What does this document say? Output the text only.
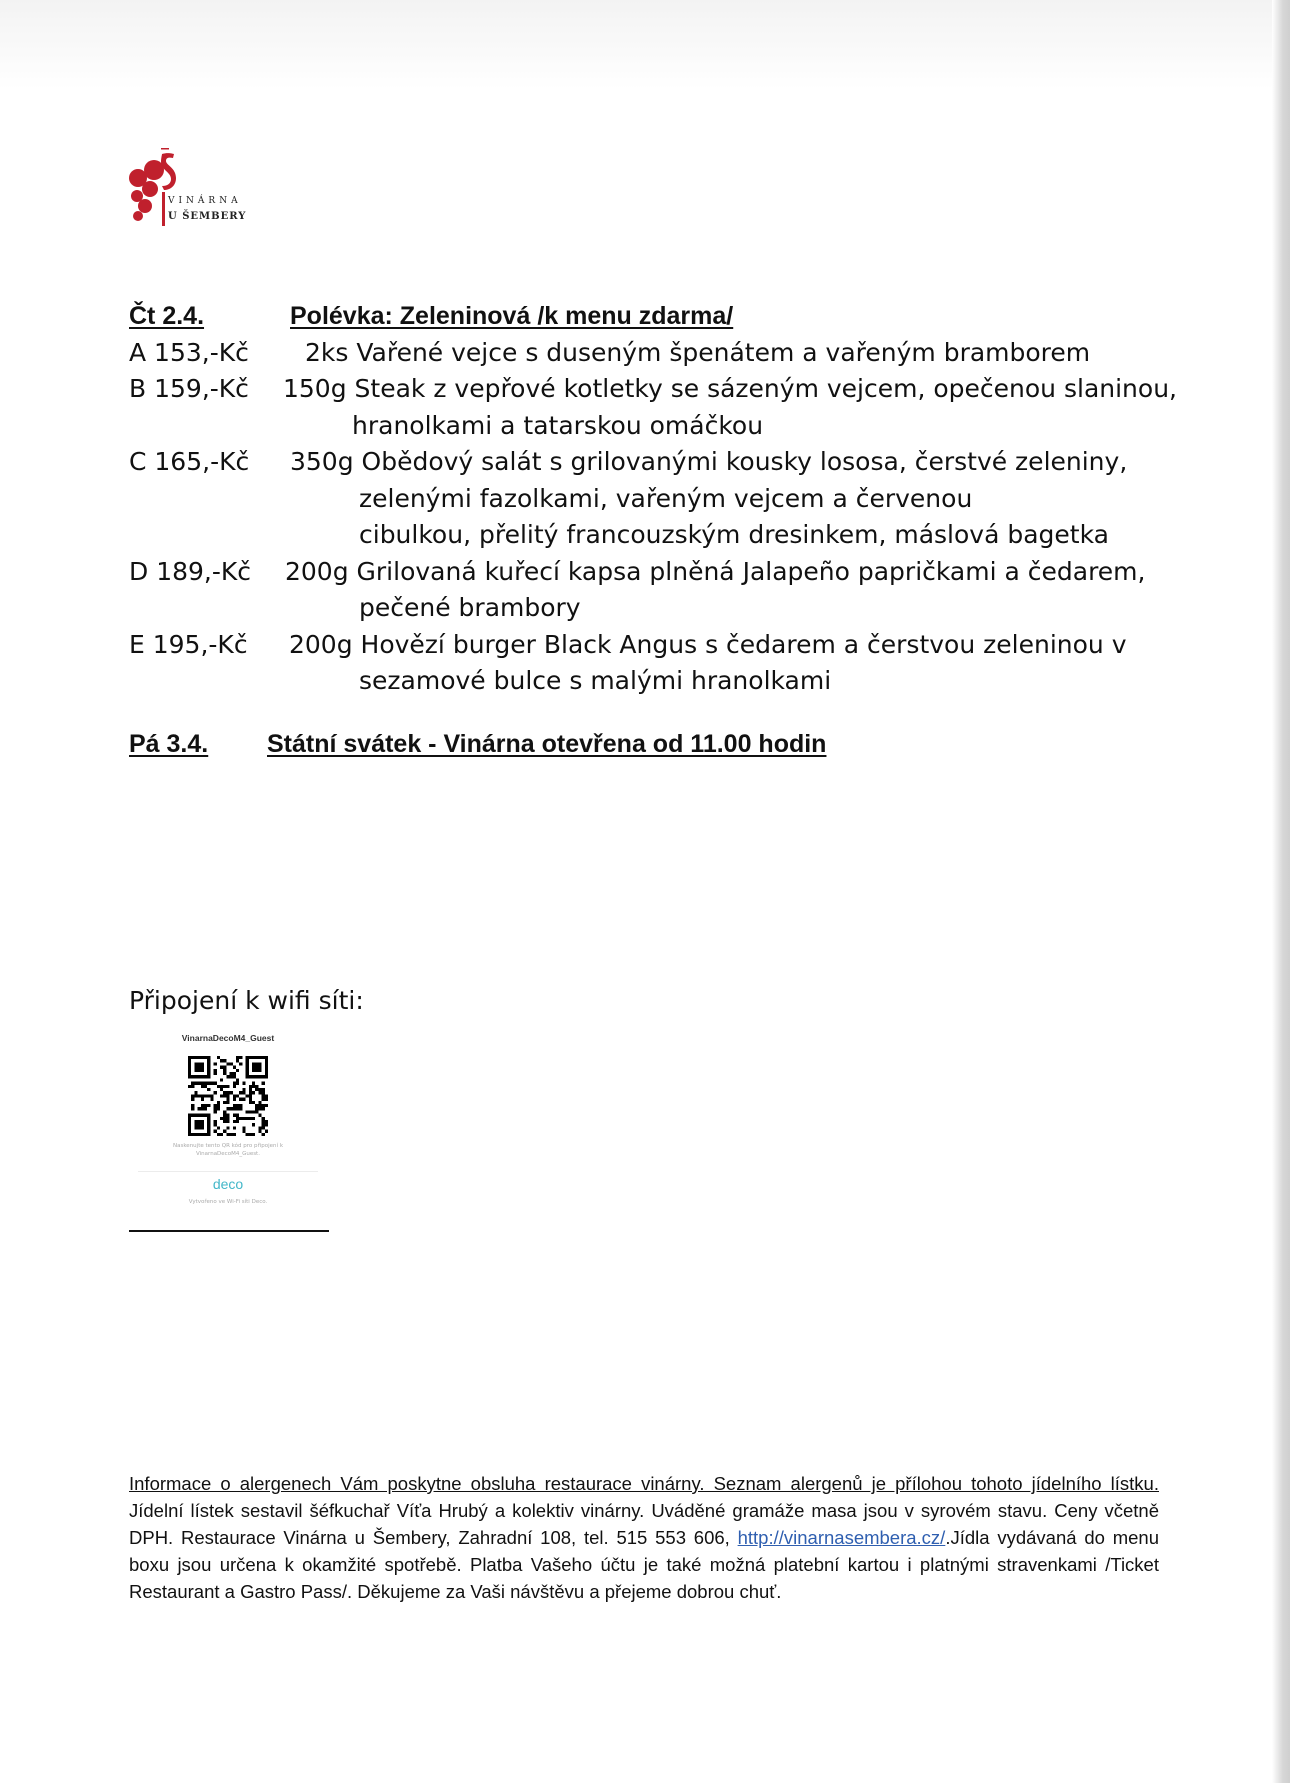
VINÁRNA
U ŠEMBERY
Čt 2.4.	Polévka: Zeleninová /k menu zdarma/
A 153,-Kč 2ks Vařené vejce s duseným špenátem a vařeným bramborem
B 159,-Kč 150g Steak z vepřové kotletky se sázeným vejcem, opečenou slaninou,
hranolkami a tatarskou omáčkou
C 165,-Kč 350g Obědový salát s grilovanými kousky lososa, čerstvé zeleniny,
zelenými fazolkami, vařeným vejcem a červenou
cibulkou, přelitý francouzským dresinkem, máslová bagetka
D 189,-Kč 200g Grilovaná kuřecí kapsa plněná Jalapeño papričkami a čedarem,
pečené brambory
E 195,-Kč 200g Hovězí burger Black Angus s čedarem a čerstvou zeleninou v
sezamové bulce s malými hranolkami
Pá 3.4. Státní svátek - Vinárna otevřena od 11.00 hodin
Připojení k wifi síti:
VinarnaDecoM4_Guest
Naskenujte tento QR kód pro připojení k VinarnaDecoM4_Guest.
deco
Vytvořeno ve Wi-Fi síti Deco.
Informace o alergenech Vám poskytne obsluha restaurace vinárny. Seznam alergenů je přílohou tohoto jídelního lístku. Jídelní lístek sestavil šéfkuchař Víťa Hrubý a kolektiv vinárny. Uváděné gramáže masa jsou v syrovém stavu. Ceny včetně DPH. Restaurace Vinárna u Šembery, Zahradní 108, tel. 515 553 606, http://vinarnasembera.cz/.Jídla vydávaná do menu boxu jsou určena k okamžité spotřebě. Platba Vašeho účtu je také možná platební kartou i platnými stravenkami /Ticket Restaurant a Gastro Pass/. Děkujeme za Vaši návštěvu a přejeme dobrou chuť.
